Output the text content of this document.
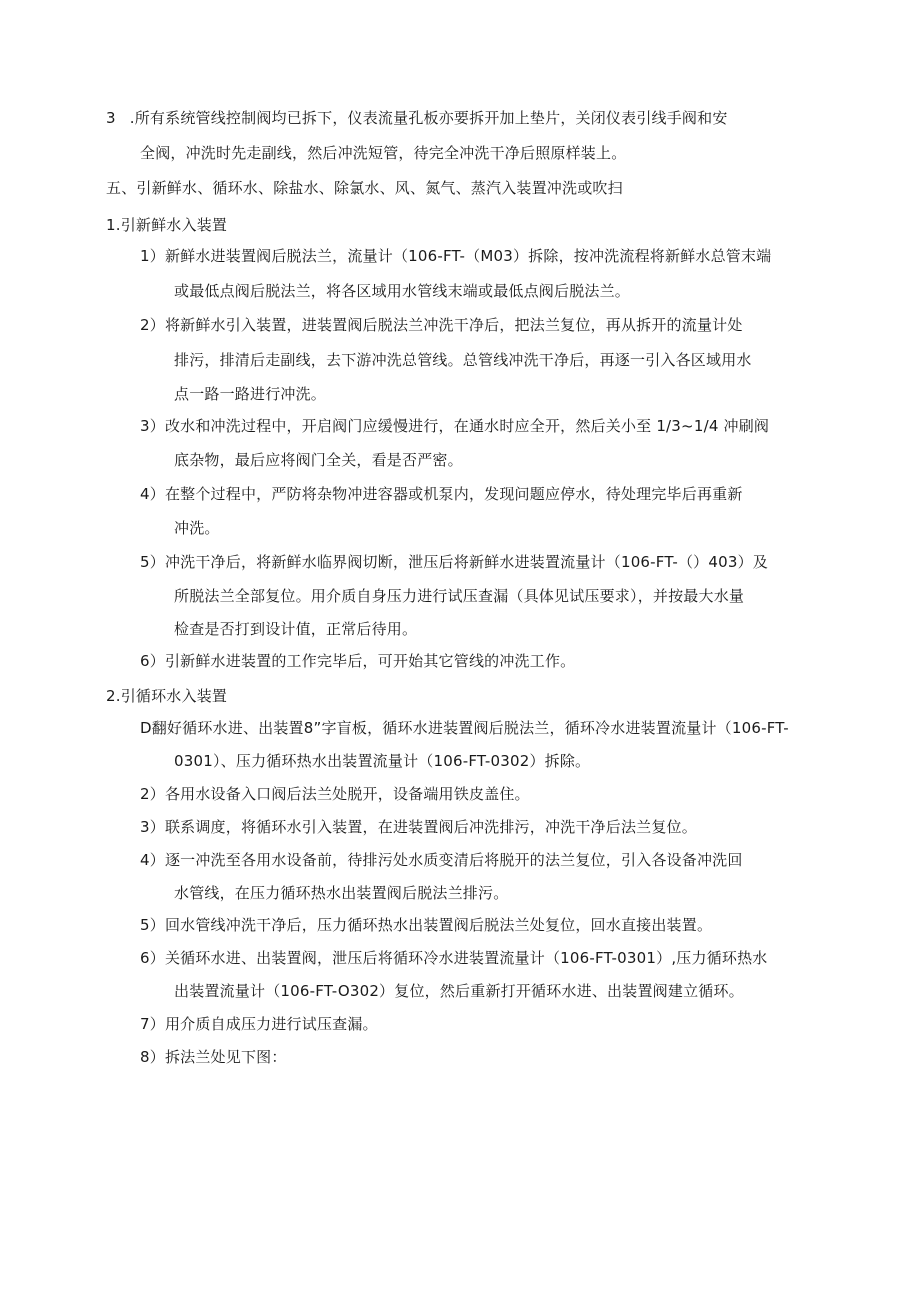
3 .所有系统管线控制阀均已拆下，仪表流量孔板亦要拆开加上垫片，关闭仪表引线手阀和安
全阀，冲洗时先走副线，然后冲洗短管，待完全冲洗干净后照原样装上。
五、引新鲜水、循环水、除盐水、除氯水、风、氮气、蒸汽入装置冲洗或吹扫
1.引新鲜水入装置
1）新鲜水进装置阀后脱法兰，流量计（106-FT-（M03）拆除，按冲洗流程将新鲜水总管末端
或最低点阀后脱法兰，将各区域用水管线末端或最低点阀后脱法兰。
2）将新鲜水引入装置，进装置阀后脱法兰冲洗干净后，把法兰复位，再从拆开的流量计处
排污，排清后走副线，去下游冲洗总管线。总管线冲洗干净后，再逐一引入各区域用水
点一路一路进行冲洗。
3）改水和冲洗过程中，开启阀门应缓慢进行，在通水时应全开，然后关小至 1/3~1/4 冲刷阀
底杂物，最后应将阀门全关，看是否严密。
4）在整个过程中，严防将杂物冲进容器或机泵内，发现问题应停水，待处理完毕后再重新
冲洗。
5）冲洗干净后，将新鲜水临界阀切断，泄压后将新鲜水进装置流量计（106-FT-（）403）及
所脱法兰全部复位。用介质自身压力进行试压查漏（具体见试压要求），并按最大水量
检查是否打到设计值，正常后待用。
6）引新鲜水进装置的工作完毕后，可开始其它管线的冲洗工作。
2.引循环水入装置
D翻好循环水进、出装置8”字盲板，循环水进装置阀后脱法兰，循环冷水进装置流量计（106-FT-
0301）、压力循环热水出装置流量计（106-FT-0302）拆除。
2）各用水设备入口阀后法兰处脱开，设备端用铁皮盖住。
3）联系调度，将循环水引入装置，在进装置阀后冲洗排污，冲洗干净后法兰复位。
4）逐一冲洗至各用水设备前，待排污处水质变清后将脱开的法兰复位，引入各设备冲洗回
水管线，在压力循环热水出装置阀后脱法兰排污。
5）回水管线冲洗干净后，压力循环热水出装置阀后脱法兰处复位，回水直接出装置。
6）关循环水进、出装置阀，泄压后将循环冷水进装置流量计（106-FT-0301）,压力循环热水
出装置流量计（106-FT-O302）复位，然后重新打开循环水进、出装置阀建立循环。
7）用介质自成压力进行试压查漏。
8）拆法兰处见下图：
